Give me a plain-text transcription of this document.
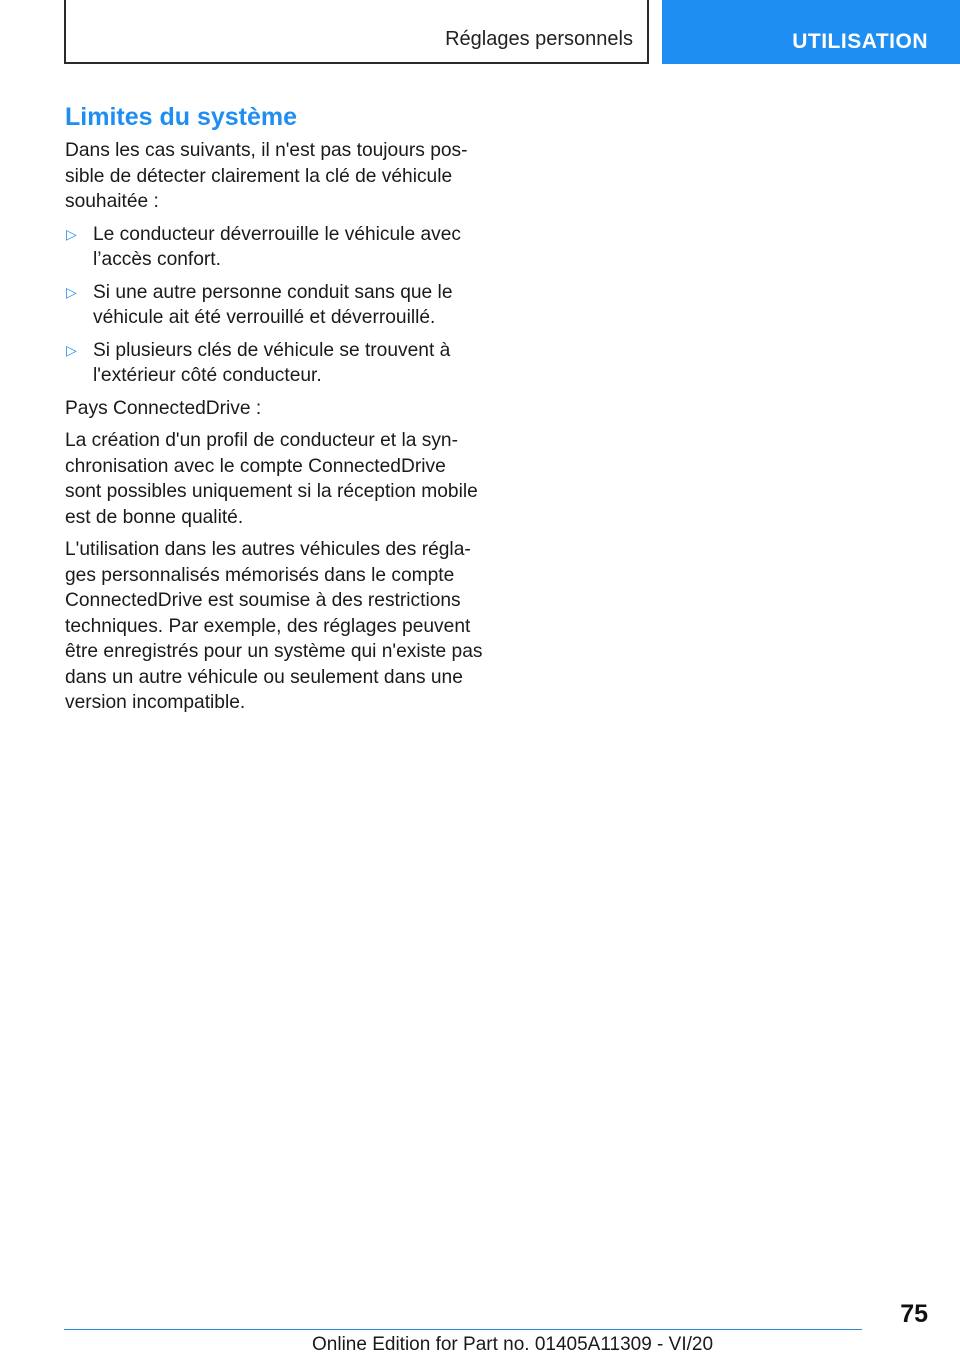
Réglages personnels	UTILISATION
Limites du système

Dans les cas suivants, il n'est pas toujours pos- sible de détecter clairement la clé de véhicule souhaitée :

▷ Le conducteur déverrouille le véhicule avec l’accès confort.
▷ Si une autre personne conduit sans que le véhicule ait été verrouillé et déverrouillé.
▷ Si plusieurs clés de véhicule se trouvent à l'extérieur côté conducteur.

Pays ConnectedDrive :

La création d'un profil de conducteur et la syn- chronisation avec le compte ConnectedDrive sont possibles uniquement si la réception mobile est de bonne qualité.

L'utilisation dans les autres véhicules des régla- ges personnalisés mémorisés dans le compte ConnectedDrive est soumise à des restrictions techniques. Par exemple, des réglages peuvent être enregistrés pour un système qui n'existe pas dans un autre véhicule ou seulement dans une version incompatible.

75
Online Edition for Part no. 01405A11309 - VI/20
